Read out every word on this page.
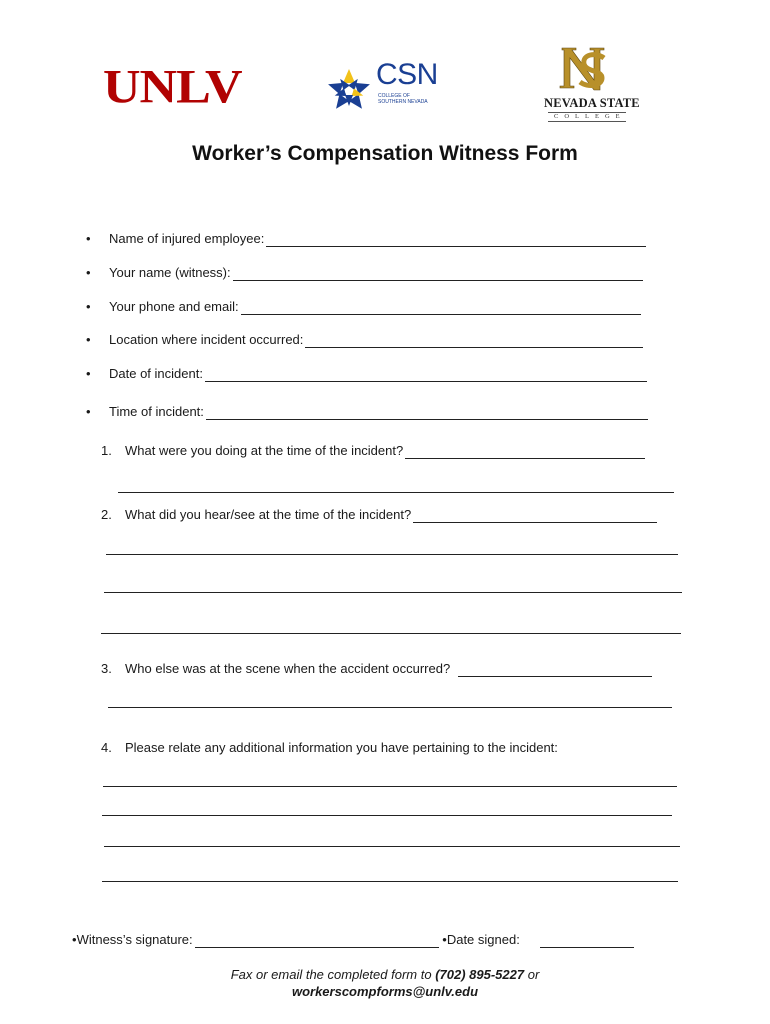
UNLV	CSN
COLLEGE OF SOUTHERN NEVADA	NEVADA STATE
COLLEGE
Worker’s Compensation Witness Form
•	Name of injured employee:
•	Your name (witness):
•	Your phone and email:
•	Location where incident occurred:
•	Date of incident:
•	Time of incident:
1.	What were you doing at the time of the incident?
2.	What did you hear/see at the time of the incident?
3.	Who else was at the scene when the accident occurred?
4.	Please relate any additional information you have pertaining to the incident:
• Witness’s signature:	• Date signed:
Fax or email the completed form to (702) 895-5227 or
workerscompforms@unlv.edu
